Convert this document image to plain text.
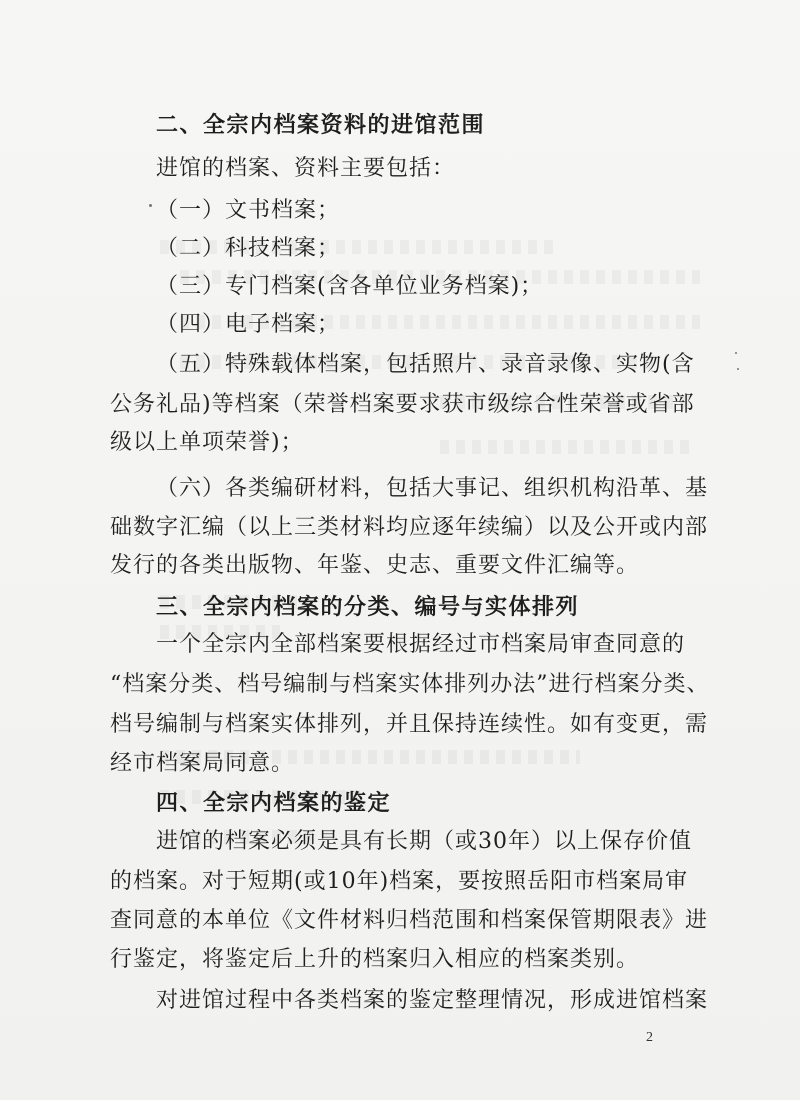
二、全宗内档案资料的进馆范围
进馆的档案、资料主要包括：
（一）文书档案；
（二）科技档案；
（三）专门档案(含各单位业务档案)；
（四）电子档案；
（五）特殊载体档案，包括照片、录音录像、实物(含
公务礼品)等档案（荣誉档案要求获市级综合性荣誉或省部
级以上单项荣誉)；
（六）各类编研材料，包括大事记、组织机构沿革、基
础数字汇编（以上三类材料均应逐年续编）以及公开或内部
发行的各类出版物、年鉴、史志、重要文件汇编等。
三、全宗内档案的分类、编号与实体排列
一个全宗内全部档案要根据经过市档案局审查同意的
“档案分类、档号编制与档案实体排列办法”进行档案分类、
档号编制与档案实体排列，并且保持连续性。如有变更，需
经市档案局同意。
四、全宗内档案的鉴定
进馆的档案必须是具有长期（或30年）以上保存价值
的档案。对于短期(或10年)档案，要按照岳阳市档案局审
查同意的本单位《文件材料归档范围和档案保管期限表》进
行鉴定，将鉴定后上升的档案归入相应的档案类别。
对进馆过程中各类档案的鉴定整理情况，形成进馆档案
2
